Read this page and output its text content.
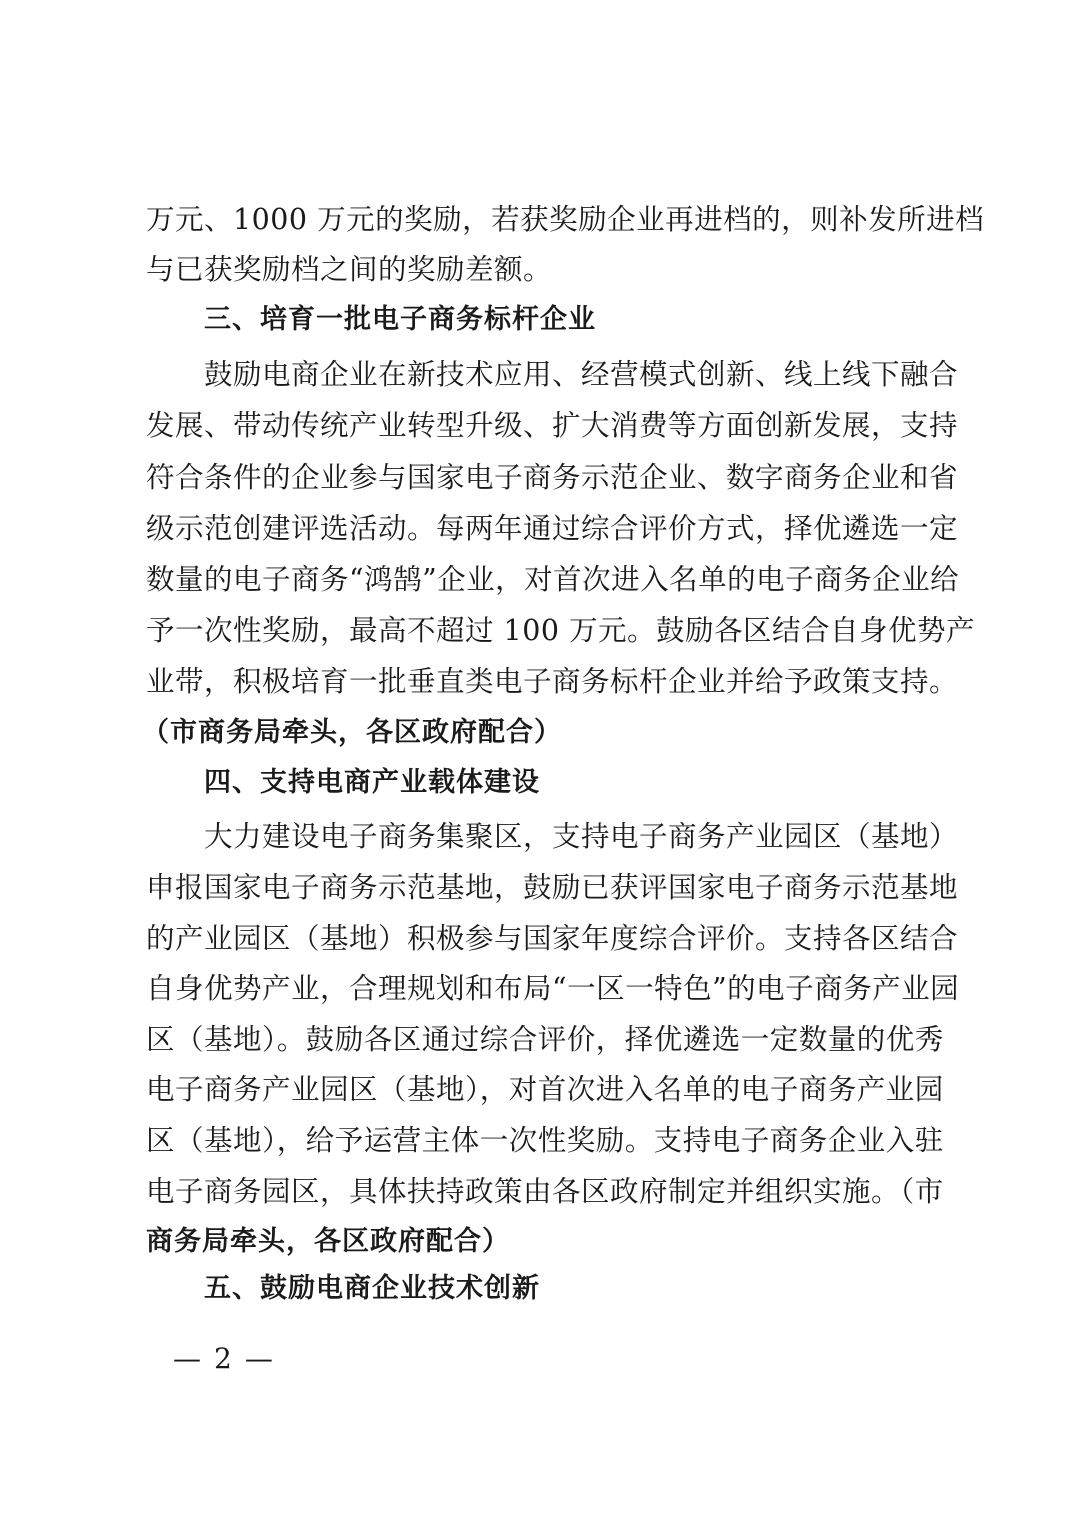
万元、1000 万元的奖励，若获奖励企业再进档的，则补发所进档
与已获奖励档之间的奖励差额。
三、培育一批电子商务标杆企业
鼓励电商企业在新技术应用、经营模式创新、线上线下融合
发展、带动传统产业转型升级、扩大消费等方面创新发展，支持
符合条件的企业参与国家电子商务示范企业、数字商务企业和省
级示范创建评选活动。每两年通过综合评价方式，择优遴选一定
数量的电子商务“鸿鹄”企业，对首次进入名单的电子商务企业给
予一次性奖励，最高不超过 100 万元。鼓励各区结合自身优势产
业带，积极培育一批垂直类电子商务标杆企业并给予政策支持。
（市商务局牵头，各区政府配合）
四、支持电商产业载体建设
大力建设电子商务集聚区，支持电子商务产业园区（基地）
申报国家电子商务示范基地，鼓励已获评国家电子商务示范基地
的产业园区（基地）积极参与国家年度综合评价。支持各区结合
自身优势产业，合理规划和布局“一区一特色”的电子商务产业园
区（基地）。鼓励各区通过综合评价，择优遴选一定数量的优秀
电子商务产业园区（基地），对首次进入名单的电子商务产业园
区（基地），给予运营主体一次性奖励。支持电子商务企业入驻
电子商务园区，具体扶持政策由各区政府制定并组织实施。（市
商务局牵头，各区政府配合）
五、鼓励电商企业技术创新
— 2 —
